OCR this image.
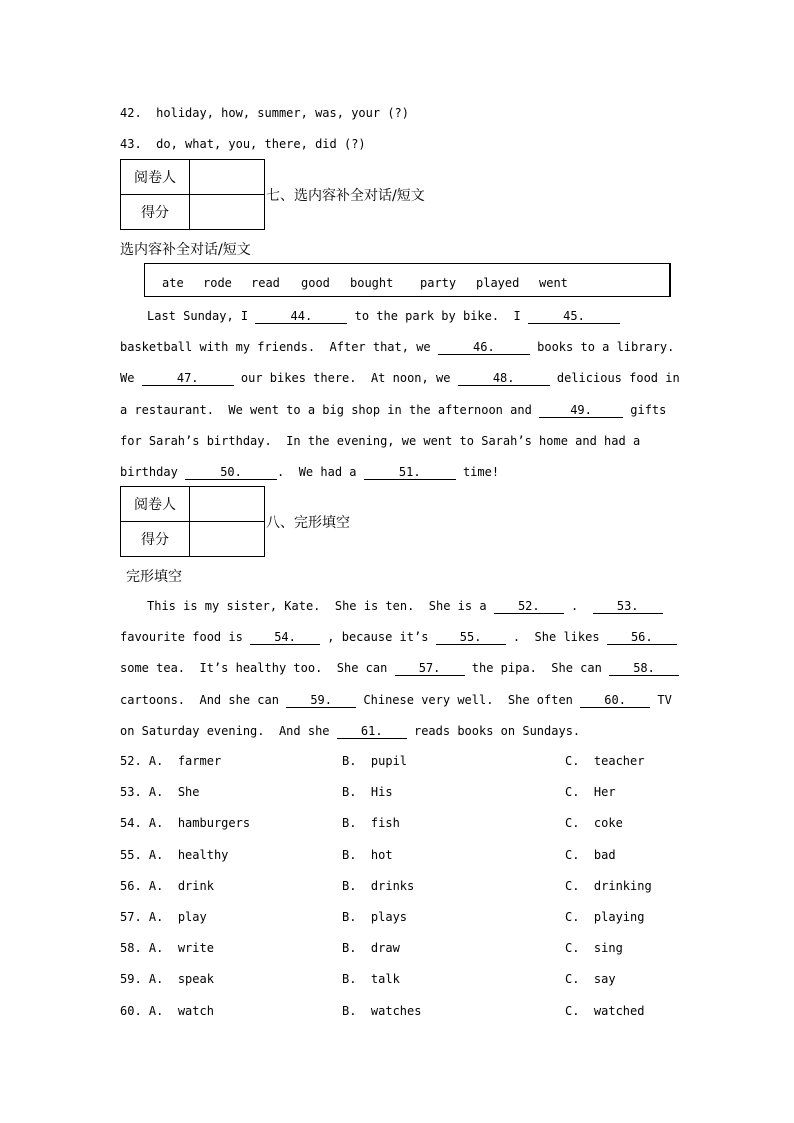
42. holiday, how, summer, was, your (?)
43. do, what, you, there, did (?)
阅卷人	
得分	
七、选内容补全对话/短文
选内容补全对话/短文
ate rode read good bought party played went
Last Sunday, I	44.	to the park by bike.  I	45.
basketball with my friends.  After that, we	46.	books to a library.
We	47.	our bikes there.  At noon, we	48.	delicious food in
a restaurant.  We went to a big shop in the afternoon and	49.	gifts
for Sarah’s birthday.  In the evening, we went to Sarah’s home and had a
birthday	50.	.  We had a	51.	time!
阅卷人	
得分	
八、完形填空
完形填空
This is my sister, Kate.  She is ten.  She is a 52. .  53.
favourite food is 54. , because it’s 55. .  She likes 56.
some tea.  It’s healthy too.  She can 57. the pipa.  She can 58.
cartoons.  And she can 59. Chinese very well.  She often 60. TV
on Saturday evening.  And she 61. reads books on Sundays.
52. A.  farmer	B.  pupil	C.  teacher
53. A.  She	B.  His	C.  Her
54. A.  hamburgers	B.  fish	C.  coke
55. A.  healthy	B.  hot	C.  bad
56. A.  drink	B.  drinks	C.  drinking
57. A.  play	B.  plays	C.  playing
58. A.  write	B.  draw	C.  sing
59. A.  speak	B.  talk	C.  say
60. A.  watch	B.  watches	C.  watched
